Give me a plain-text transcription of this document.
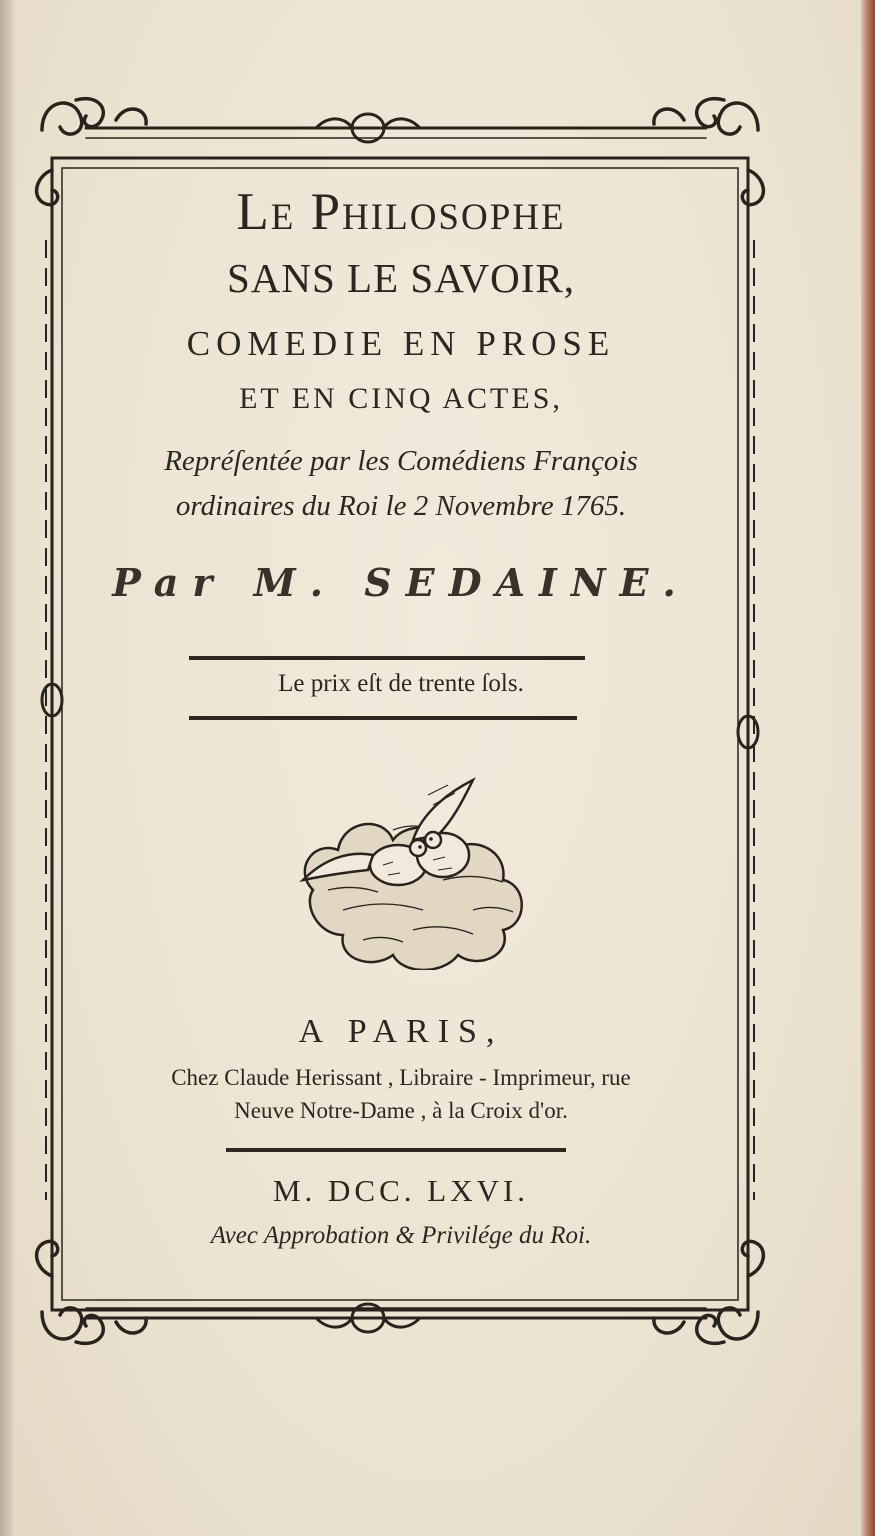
Le Philosophe
SANS LE SAVOIR,
COMEDIE EN PROSE
ET EN CINQ ACTES,
Repréſentée par les Comédiens François
ordinaires du Roi le 2 Novembre 1765.
Par M. SEDAINE.
Le prix eſt de trente ſols.
A PARIS,
Chez Claude Herissant , Libraire - Imprimeur, rue
Neuve Notre-Dame , à la Croix d'or.
M. DCC. LXVI.
Avec Approbation & Privilége du Roi.
